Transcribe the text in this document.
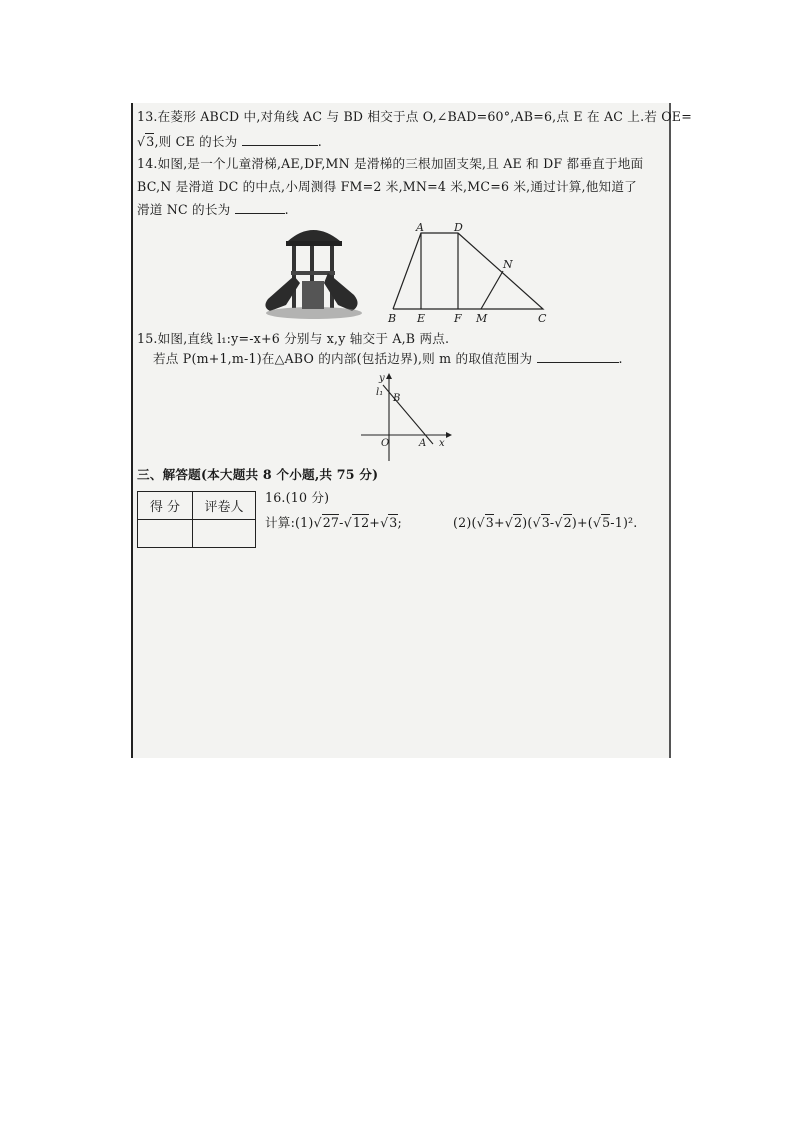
13.在菱形 ABCD 中,对角线 AC 与 BD 相交于点 O,∠BAD=60°,AB=6,点 E 在 AC 上.若 OE=
√3,则 CE 的长为	.
14.如图,是一个儿童滑梯,AE,DF,MN 是滑梯的三根加固支架,且 AE 和 DF 都垂直于地面
BC,N 是滑道 DC 的中点,小周测得 FM=2 米,MN=4 米,MC=6 米,通过计算,他知道了
滑道 NC 的长为	.
A	D
N
B E	F M	C
15.如图,直线 l₁:y=-x+6 分别与 x,y 轴交于 A,B 两点.
若点 P(m+1,m-1)在△ABO 的内部(包括边界),则 m 的取值范围为	.
y
l₁
B
O	A x
三、解答题(本大题共 8 个小题,共 75 分)
得 分	评卷人

16.(10 分)
计算:(1)√27-√12+√3;	(2)(√3+√2)(√3-√2)+(√5-1)².
